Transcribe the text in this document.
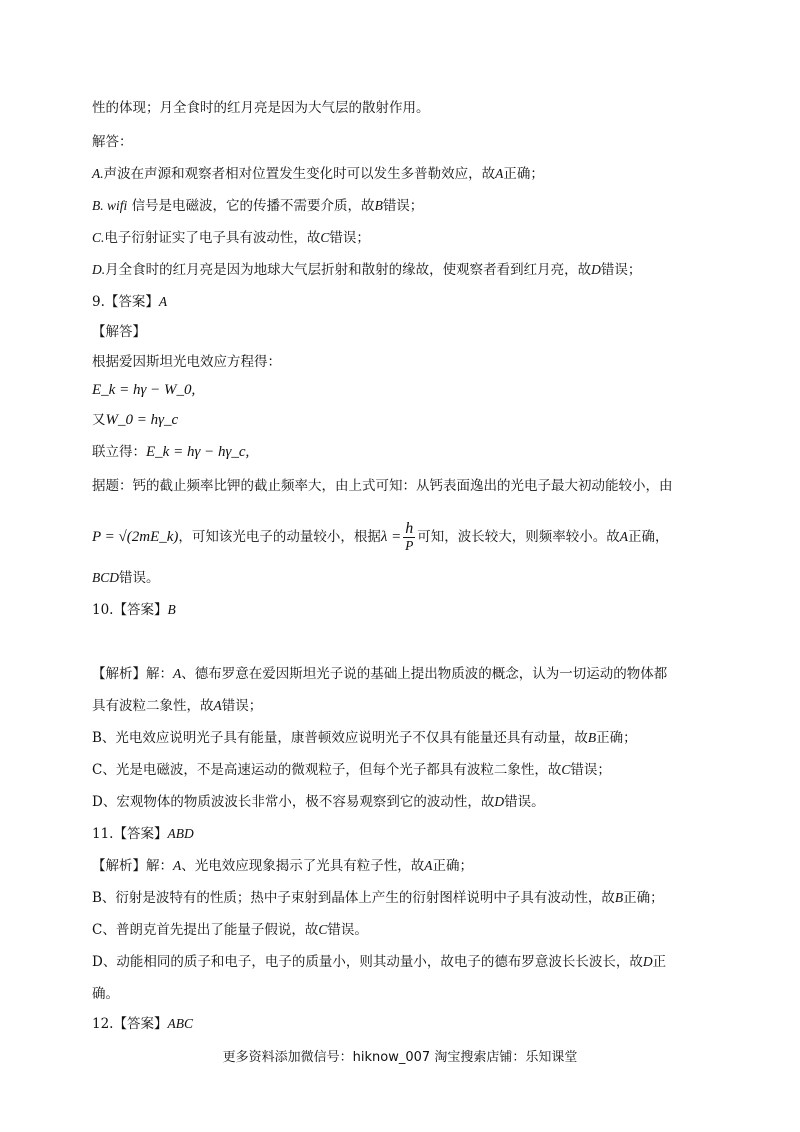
性的体现；月全食时的红月亮是因为大气层的散射作用。
解答：
A.声波在声源和观察者相对位置发生变化时可以发生多普勒效应，故A正确；
B. wifi 信号是电磁波，它的传播不需要介质，故B错误；
C.电子衍射证实了电子具有波动性，故C错误；
D.月全食时的红月亮是因为地球大气层折射和散射的缘故，使观察者看到红月亮，故D错误；
9.【答案】A
【解答】
根据爱因斯坦光电效应方程得：
E_k = hγ − W_0,
又W_0 = hγ_c
联立得：E_k = hγ − hγ_c,
据题：钙的截止频率比钾的截止频率大，由上式可知：从钙表面逸出的光电子最大初动能较小，由
P = √(2mE_k)，可知该光电子的动量较小，根据$\lambda = \frac{h}{P}$ 可知，波长较大，则频率较小。故A正确，
BCD错误。
10.【答案】B
【解析】解：A、德布罗意在爱因斯坦光子说的基础上提出物质波的概念，认为一切运动的物体都
具有波粒二象性，故A错误；
B、光电效应说明光子具有能量，康普顿效应说明光子不仅具有能量还具有动量，故B正确；
C、光是电磁波，不是高速运动的微观粒子，但每个光子都具有波粒二象性，故C错误；
D、宏观物体的物质波波长非常小，极不容易观察到它的波动性，故D错误。
11.【答案】ABD
【解析】解：A、光电效应现象揭示了光具有粒子性，故A正确；
B、衍射是波特有的性质；热中子束射到晶体上产生的衍射图样说明中子具有波动性，故B正确；
C、普朗克首先提出了能量子假说，故C错误。
D、动能相同的质子和电子，电子的质量小，则其动量小，故电子的德布罗意波长长波长，故D正
确。
12.【答案】ABC
更多资料添加微信号：hiknow_007 淘宝搜索店铺：乐知课堂
